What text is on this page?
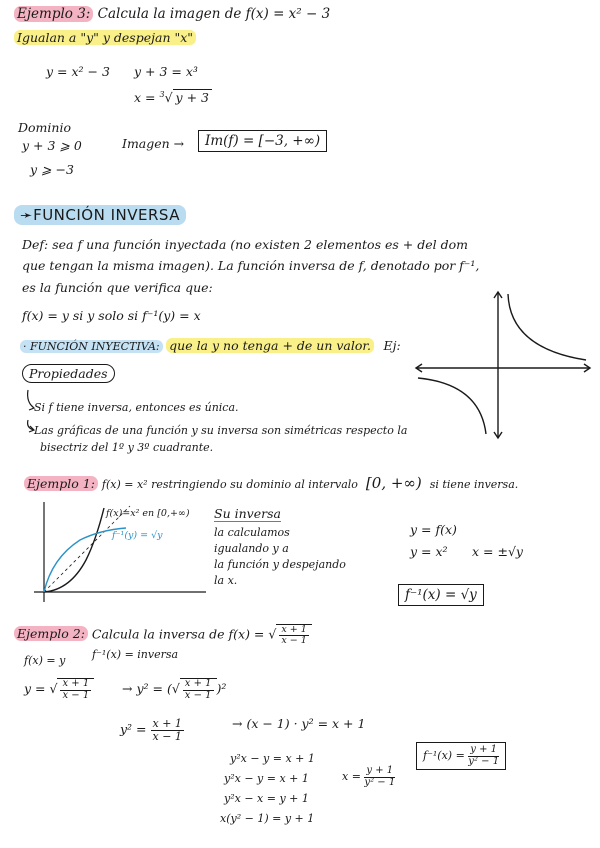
Ejemplo 3: Calcula la imagen de f(x) = x² − 3
Igualan a "y" y despejan "x"
y = x² − 3 y + 3 = x³
x = $^3$√ y + 3
Dominio
y + 3 ⩾ 0
y ⩾ −3
Imagen →	Im(f) = [−3, +∞)
➛FUNCIÓN INVERSA
Def: sea f una función inyectada (no existen 2 elementos es + del dom
que tengan la misma imagen). La función inversa de f, denotado por f⁻¹,
es la función que verifica que:
f(x) = y si y solo si f⁻¹(y) = x
· FUNCIÓN INYECTIVA: que la y no tenga + de un valor. Ej:
Propiedades
Si f tiene inversa, entonces es única.
Las gráficas de una función y su inversa son simétricas respecto la
bisectriz del 1º y 3º cuadrante.
Ejemplo 1: f(x) = x² restringiendo su dominio al intervalo [0, +∞) si tiene inversa.
f(x)=x² en [0,+∞)
f⁻¹(y) = √y
Su inversa
la calculamos
igualando y a
la función y despejando
la x.
y = f(x)
y = x² x = ±√y
f⁻¹(x) = √y
Ejemplo 2: Calcula la inversa de f(x) = √ $\frac{x + 1}{x - 1}$
f(x) = y f⁻¹(x) = inversa
y = √ $\frac{x + 1}{x - 1} \to y^2$ = (√ $\frac{x + 1}{x - 1} )^2$
$y^2 = \frac{x + 1}{x - 1}$	→ (x − 1) · y² = x + 1
y²x − y = x + 1
y²x − y = x + 1
y²x − x = y + 1
x(y² − 1) = y + 1
$x = \frac{y + 1}{\text{y² − 1}}$
$f^{-1}(x) = \frac{y + 1}{\text{y² − 1}}$
